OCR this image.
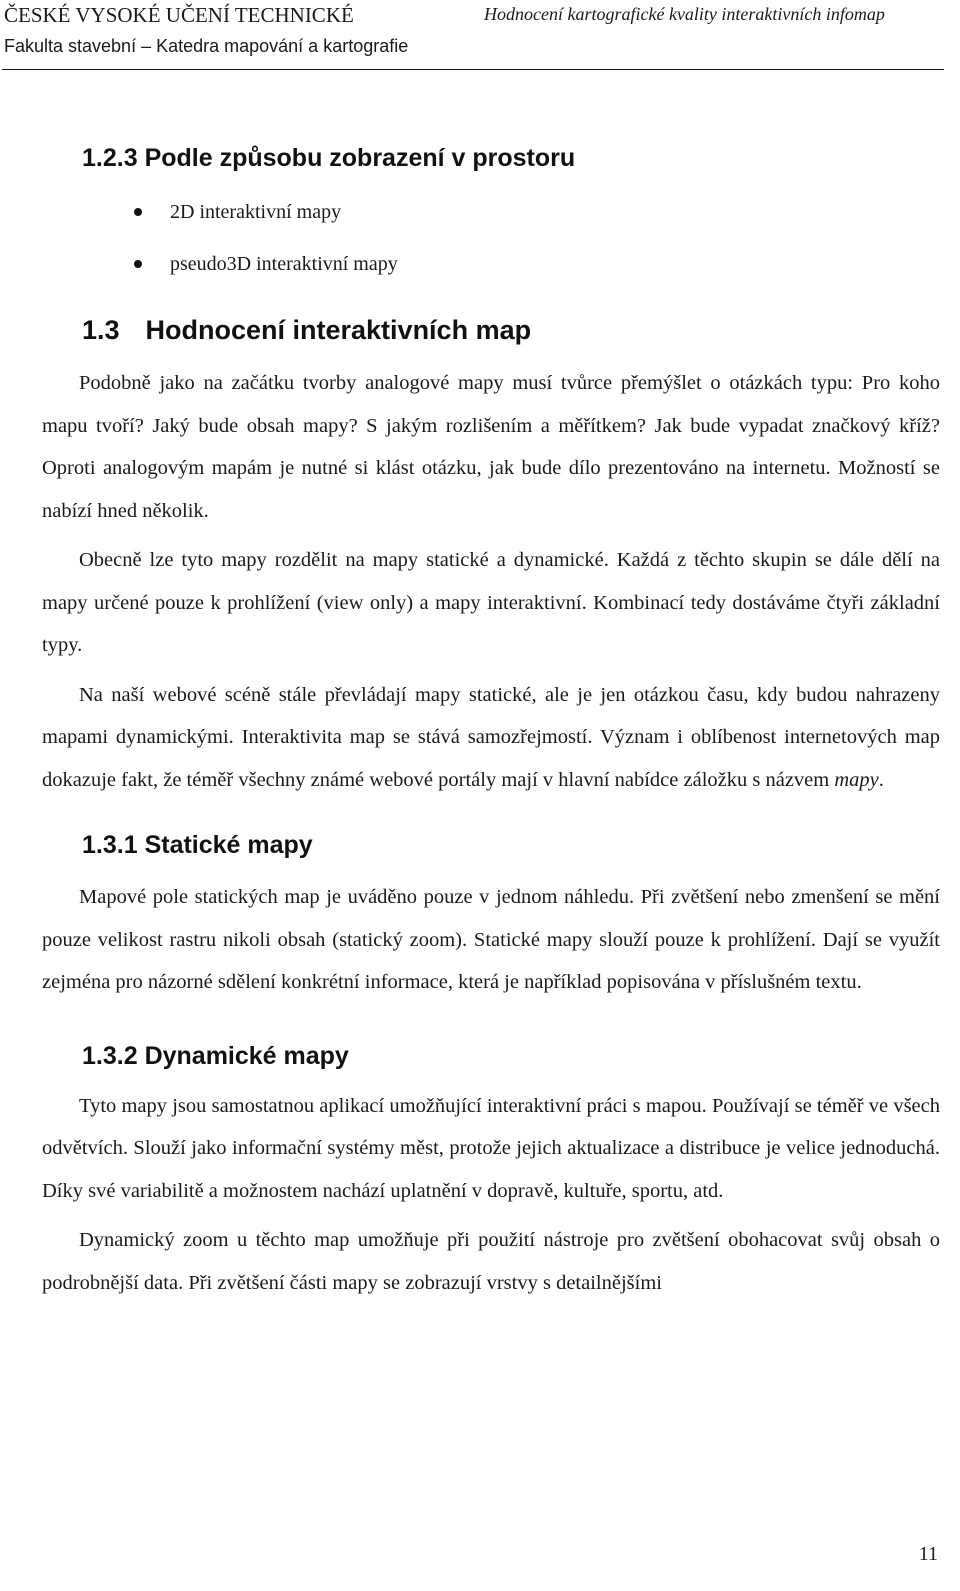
ČESKÉ VYSOKÉ UČENÍ TECHNICKÉ
Fakulta stavební – Katedra mapování a kartografie
Hodnocení kartografické kvality interaktivních infomap
1.2.3 Podle způsobu zobrazení v prostoru
2D interaktivní mapy
pseudo3D interaktivní mapy
1.3 Hodnocení interaktivních map

Podobně jako na začátku tvorby analogové mapy musí tvůrce přemýšlet o otázkách typu: Pro koho mapu tvoří? Jaký bude obsah mapy? S jakým rozlišením a měřítkem? Jak bude vypadat značkový kříž? Oproti analogovým mapám je nutné si klást otázku, jak bude dílo prezentováno na internetu. Možností se nabízí hned několik.

Obecně lze tyto mapy rozdělit na mapy statické a dynamické. Každá z těchto skupin se dále dělí na mapy určené pouze k prohlížení (view only) a mapy interaktivní. Kombinací tedy dostáváme čtyři základní typy.

Na naší webové scéně stále převládají mapy statické, ale je jen otázkou času, kdy budou nahrazeny mapami dynamickými. Interaktivita map se stává samozřejmostí. Význam i oblíbenost internetových map dokazuje fakt, že téměř všechny známé webové portály mají v hlavní nabídce záložku s názvem mapy.

1.3.1 Statické mapy

Mapové pole statických map je uváděno pouze v jednom náhledu. Při zvětšení nebo zmenšení se mění pouze velikost rastru nikoli obsah (statický zoom). Statické mapy slouží pouze k prohlížení. Dají se využít zejména pro názorné sdělení konkrétní informace, která je například popisována v příslušném textu.

1.3.2 Dynamické mapy

Tyto mapy jsou samostatnou aplikací umožňující interaktivní práci s mapou. Používají se téměř ve všech odvětvích. Slouží jako informační systémy měst, protože jejich aktualizace a distribuce je velice jednoduchá. Díky své variabilitě a možnostem nachází uplatnění v dopravě, kultuře, sportu, atd.

Dynamický zoom u těchto map umožňuje při použití nástroje pro zvětšení obohacovat svůj obsah o podrobnější data. Při zvětšení části mapy se zobrazují vrstvy s detailnějšími

11
